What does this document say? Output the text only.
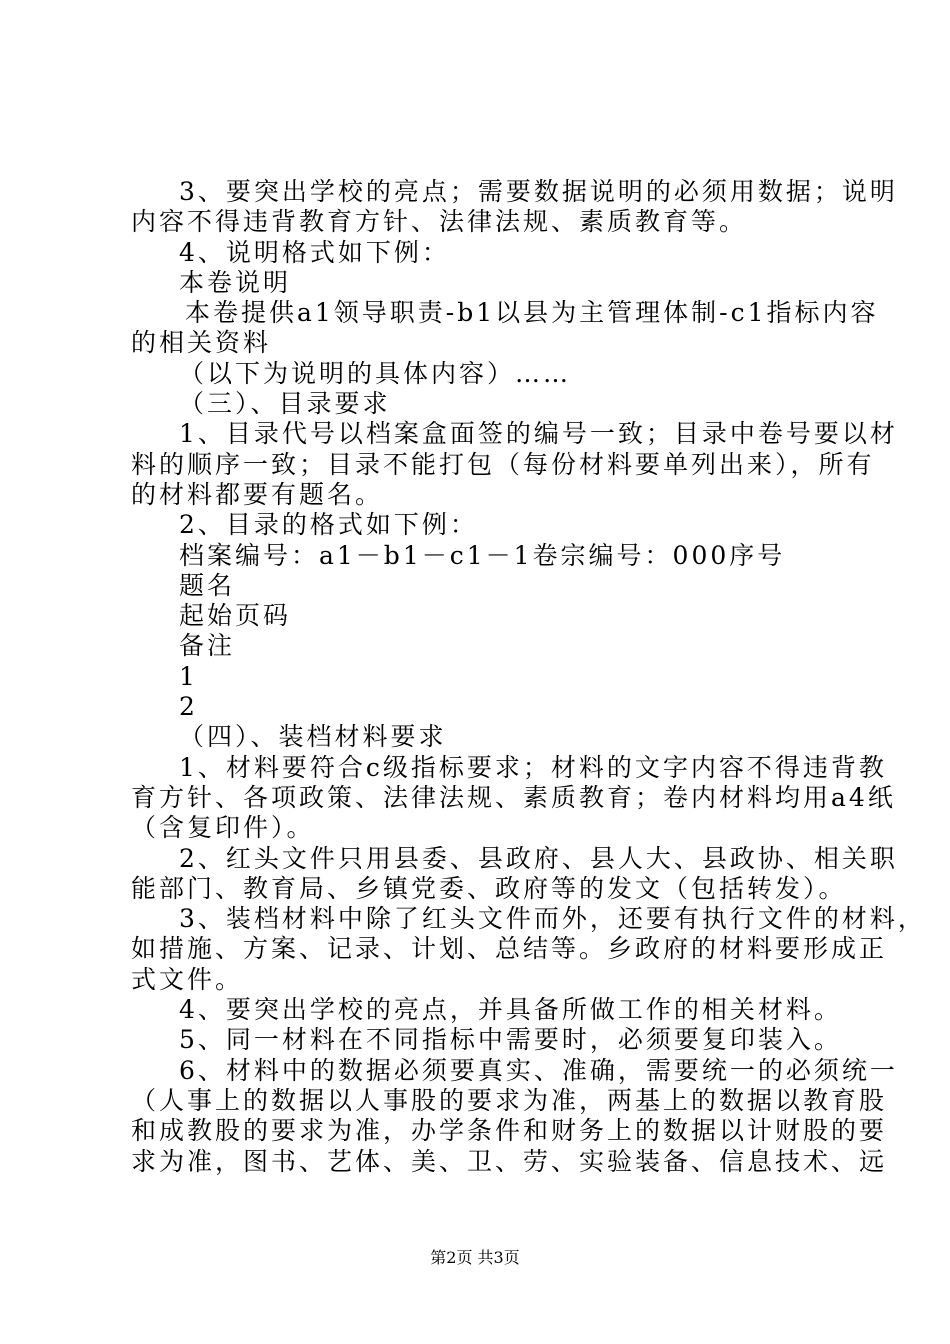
3、要突出学校的亮点；需要数据说明的必须用数据；说明

内容不得违背教育方针、法律法规、素质教育等。

4、说明格式如下例：

本卷说明

本卷提供a1领导职责-b1以县为主管理体制-c1指标内容

的相关资料

（以下为说明的具体内容）……

（三）、目录要求

1、目录代号以档案盒面签的编号一致；目录中卷号要以材

料的顺序一致；目录不能打包（每份材料要单列出来），所有

的材料都要有题名。

2、目录的格式如下例：

档案编号：a1－b1－c1－1卷宗编号：000序号

题名

起始页码

备注

1

2

（四）、装档材料要求

1、材料要符合c级指标要求；材料的文字内容不得违背教

育方针、各项政策、法律法规、素质教育；卷内材料均用a4纸

（含复印件）。

2、红头文件只用县委、县政府、县人大、县政协、相关职

能部门、教育局、乡镇党委、政府等的发文（包括转发）。

3、装档材料中除了红头文件而外，还要有执行文件的材料，

如措施、方案、记录、计划、总结等。乡政府的材料要形成正

式文件。

4、要突出学校的亮点，并具备所做工作的相关材料。

5、同一材料在不同指标中需要时，必须要复印装入。

6、材料中的数据必须要真实、准确，需要统一的必须统一

（人事上的数据以人事股的要求为准，两基上的数据以教育股

和成教股的要求为准，办学条件和财务上的数据以计财股的要

求为准，图书、艺体、美、卫、劳、实验装备、信息技术、远

第2页 共3页
